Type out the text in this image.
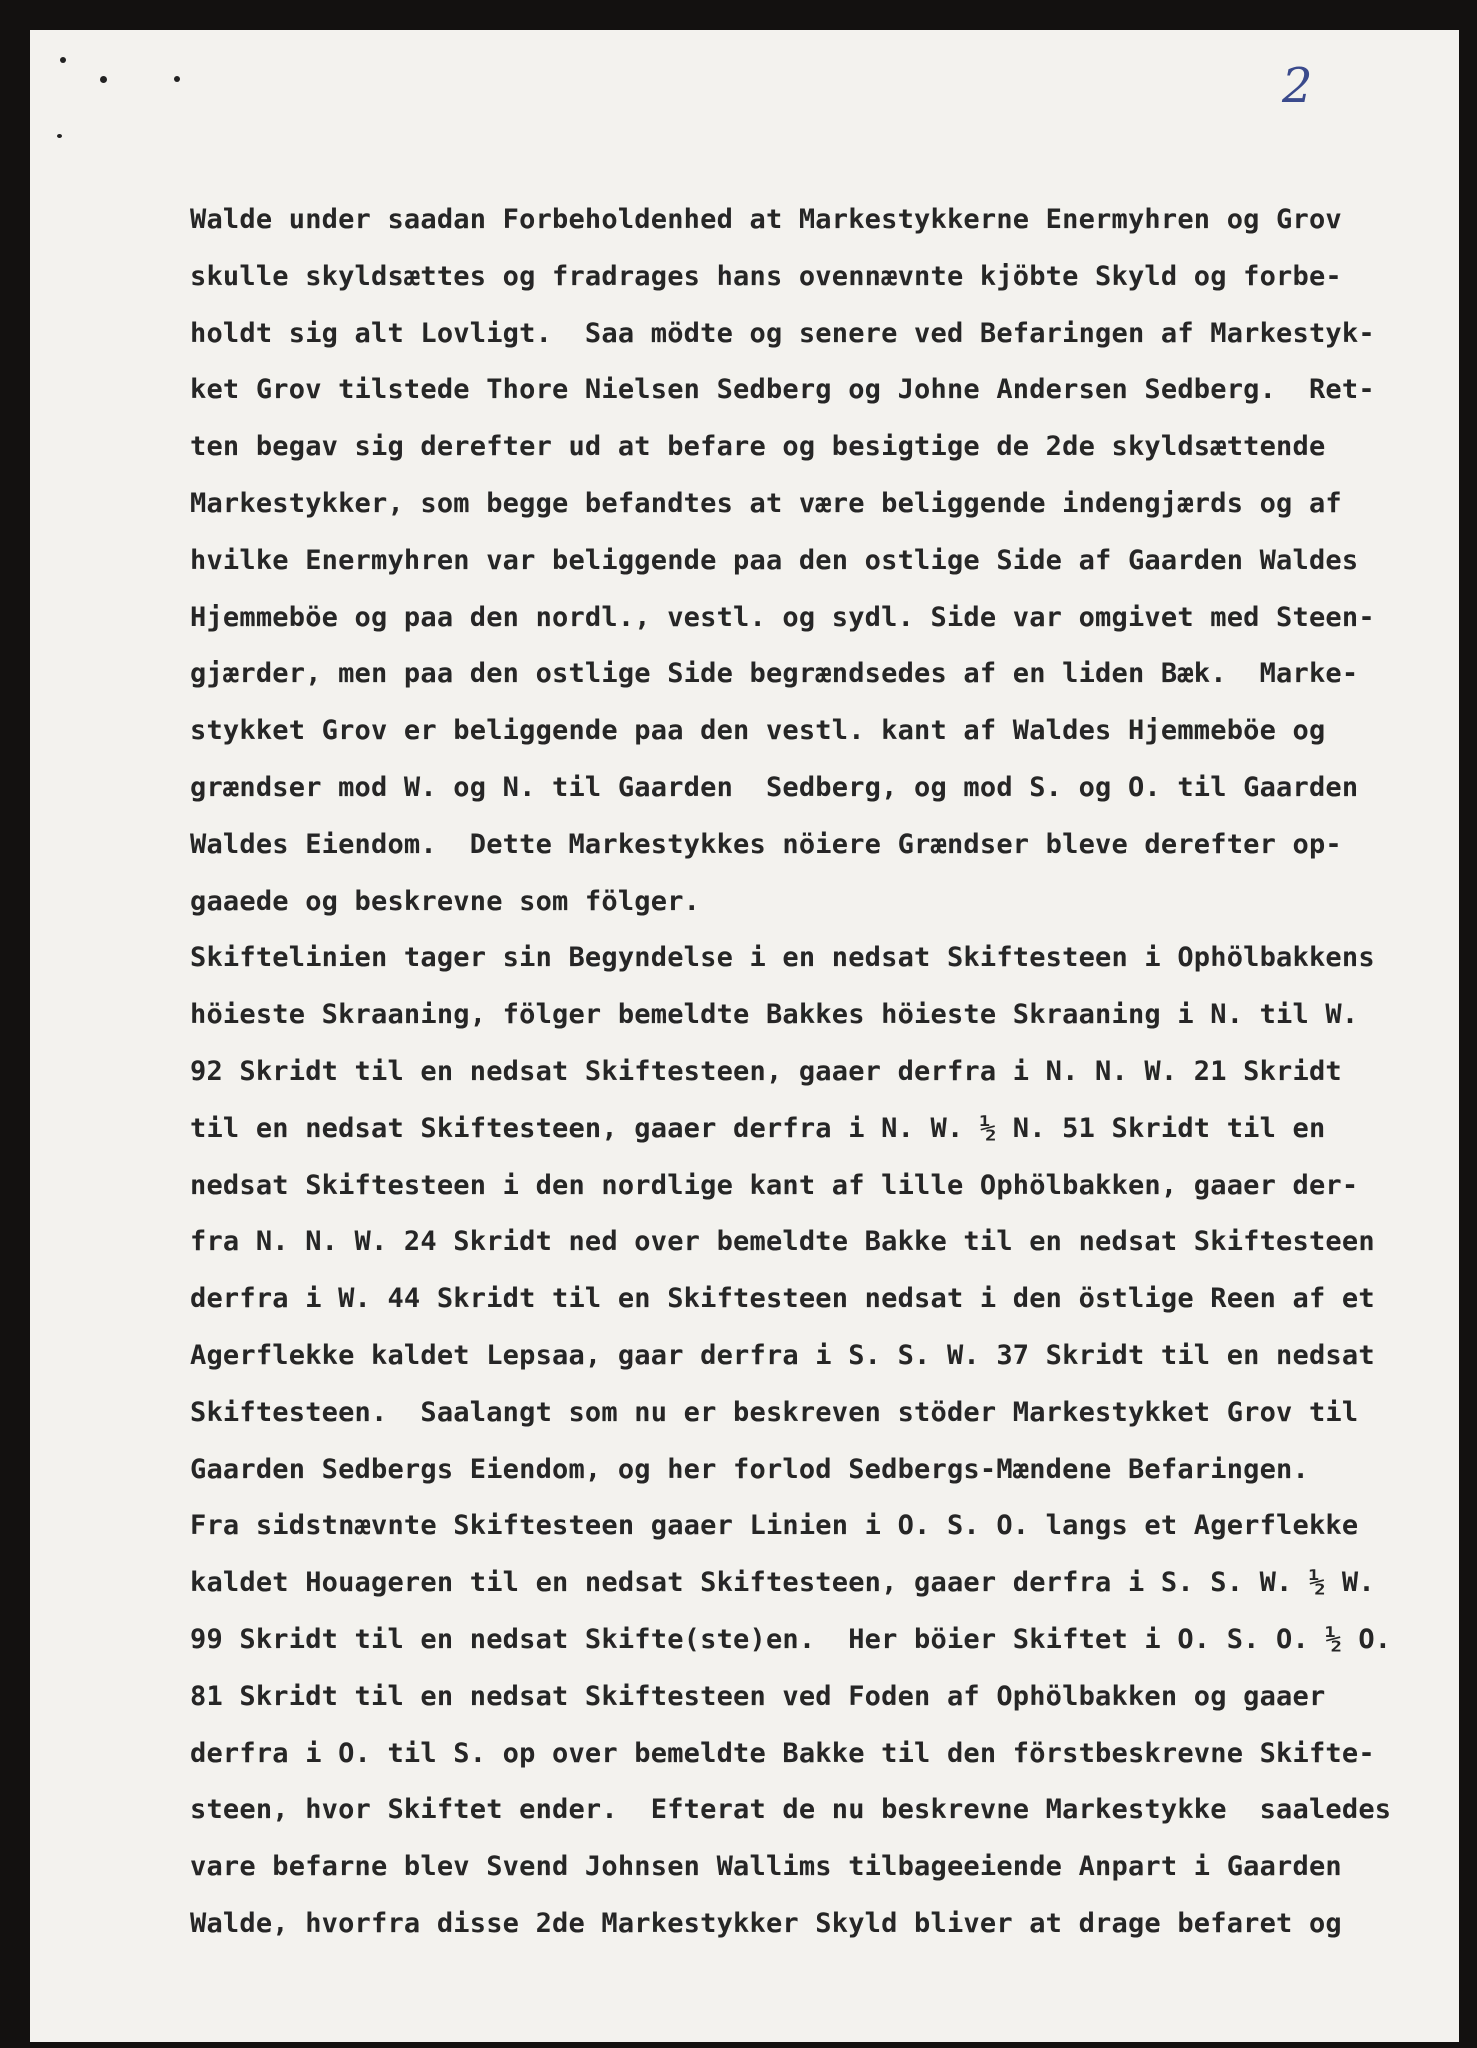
2
Walde under saadan Forbeholdenhed at Markestykkerne Enermyhren og Grov
skulle skyldsættes og fradrages hans ovennævnte kjöbte Skyld og forbe-
holdt sig alt Lovligt.  Saa mödte og senere ved Befaringen af Markestyk-
ket Grov tilstede Thore Nielsen Sedberg og Johne Andersen Sedberg.  Ret-
ten begav sig derefter ud at befare og besigtige de 2de skyldsættende
Markestykker, som begge befandtes at være beliggende indengjærds og af
hvilke Enermyhren var beliggende paa den ostlige Side af Gaarden Waldes
Hjemmeböe og paa den nordl., vestl. og sydl. Side var omgivet med Steen-
gjærder, men paa den ostlige Side begrændsedes af en liden Bæk.  Marke-
stykket Grov er beliggende paa den vestl. kant af Waldes Hjemmeböe og
grændser mod W. og N. til Gaarden  Sedberg, og mod S. og O. til Gaarden
Waldes Eiendom.  Dette Markestykkes nöiere Grændser bleve derefter op-
gaaede og beskrevne som fölger.
Skiftelinien tager sin Begyndelse i en nedsat Skiftesteen i Ophölbakkens
höieste Skraaning, fölger bemeldte Bakkes höieste Skraaning i N. til W.
92 Skridt til en nedsat Skiftesteen, gaaer derfra i N. N. W. 21 Skridt
til en nedsat Skiftesteen, gaaer derfra i N. W. ½ N. 51 Skridt til en
nedsat Skiftesteen i den nordlige kant af lille Ophölbakken, gaaer der-
fra N. N. W. 24 Skridt ned over bemeldte Bakke til en nedsat Skiftesteen
derfra i W. 44 Skridt til en Skiftesteen nedsat i den östlige Reen af et
Agerflekke kaldet Lepsaa, gaar derfra i S. S. W. 37 Skridt til en nedsat
Skiftesteen.  Saalangt som nu er beskreven stöder Markestykket Grov til
Gaarden Sedbergs Eiendom, og her forlod Sedbergs-Mændene Befaringen.
Fra sidstnævnte Skiftesteen gaaer Linien i O. S. O. langs et Agerflekke
kaldet Houageren til en nedsat Skiftesteen, gaaer derfra i S. S. W. ½ W.
99 Skridt til en nedsat Skifte(ste)en.  Her böier Skiftet i O. S. O. ½ O.
81 Skridt til en nedsat Skiftesteen ved Foden af Ophölbakken og gaaer
derfra i O. til S. op over bemeldte Bakke til den förstbeskrevne Skifte-
steen, hvor Skiftet ender.  Efterat de nu beskrevne Markestykke  saaledes
vare befarne blev Svend Johnsen Wallims tilbageeiende Anpart i Gaarden
Walde, hvorfra disse 2de Markestykker Skyld bliver at drage befaret og
